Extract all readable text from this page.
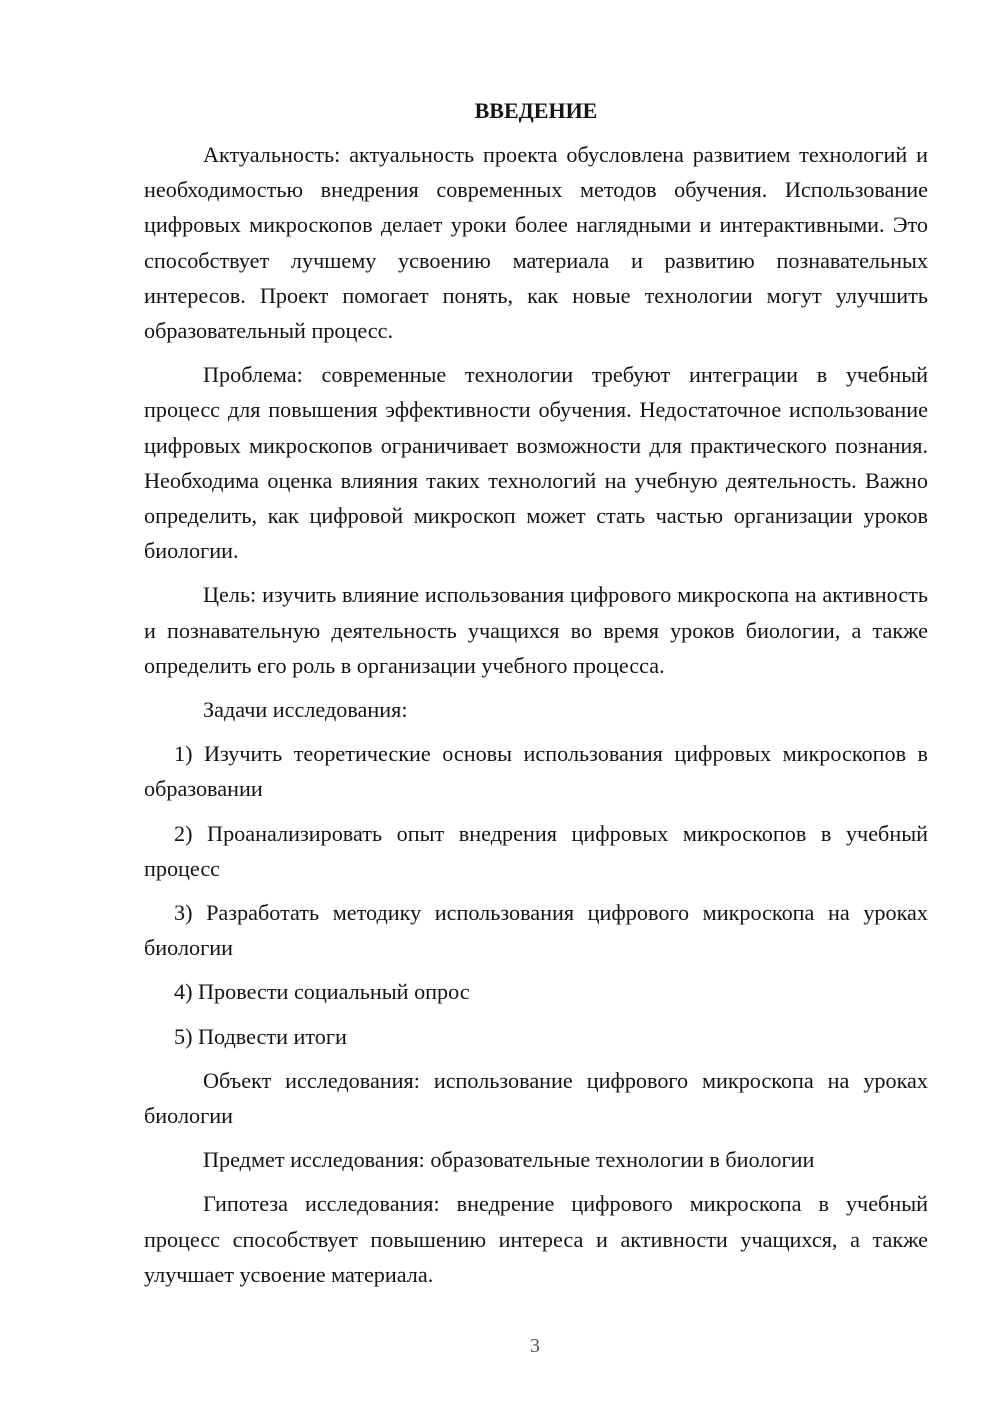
ВВЕДЕНИЕ

Актуальность: актуальность проекта обусловлена развитием технологий и необходимостью внедрения современных методов обучения. Использование цифровых микроскопов делает уроки более наглядными и интерактивными. Это способствует лучшему усвоению материала и развитию познавательных интересов. Проект помогает понять, как новые технологии могут улучшить образовательный процесс.

Проблема: современные технологии требуют интеграции в учебный процесс для повышения эффективности обучения. Недостаточное использование цифровых микроскопов ограничивает возможности для практического познания. Необходима оценка влияния таких технологий на учебную деятельность. Важно определить, как цифровой микроскоп может стать частью организации уроков биологии.

Цель: изучить влияние использования цифрового микроскопа на активность и познавательную деятельность учащихся во время уроков биологии, а также определить его роль в организации учебного процесса.

Задачи исследования:

1) Изучить теоретические основы использования цифровых микроскопов в образовании

2) Проанализировать опыт внедрения цифровых микроскопов в учебный процесс

3) Разработать методику использования цифрового микроскопа на уроках биологии

4) Провести социальный опрос

5) Подвести итоги

Объект исследования: использование цифрового микроскопа на уроках биологии

Предмет исследования: образовательные технологии в биологии

Гипотеза исследования: внедрение цифрового микроскопа в учебный процесс способствует повышению интереса и активности учащихся, а также улучшает усвоение материала.

3
